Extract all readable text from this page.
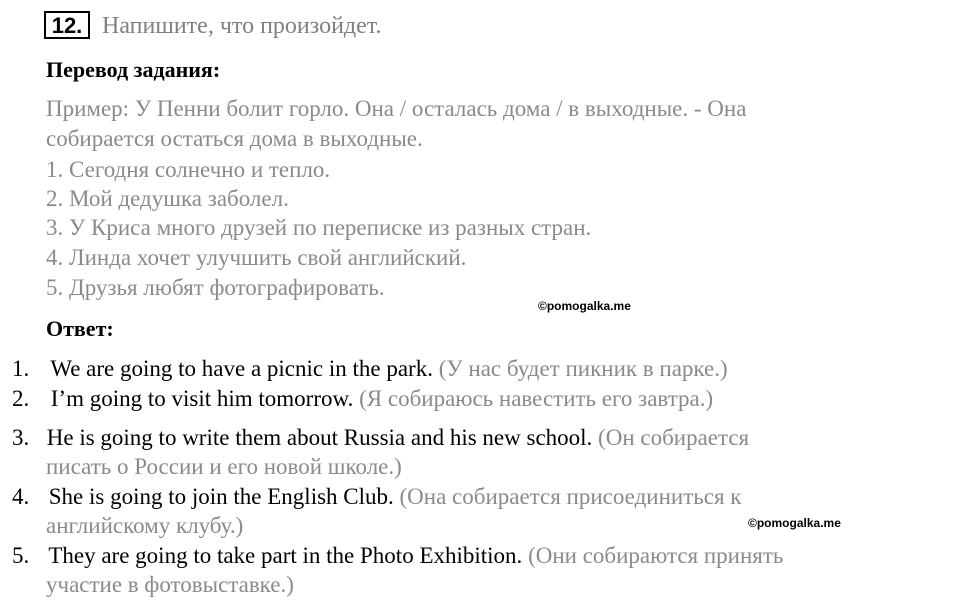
12. Напишите, что произойдет.
Перевод задания:
Пример: У Пенни болит горло. Она / осталась дома / в выходные. - Она
собирается остаться дома в выходные.
1. Сегодня солнечно и тепло.
2. Мой дедушка заболел.
3. У Криса много друзей по переписке из разных стран.
4. Линда хочет улучшить свой английский.
5. Друзья любят фотографировать.
©pomogalka.me
Ответ:
1. We are going to have a picnic in the park. (У нас будет пикник в парке.)
2. I’m going to visit him tomorrow. (Я собираюсь навестить его завтра.)
3. He is going to write them about Russia and his new school. (Он собирается
писать о России и его новой школе.)
4. She is going to join the English Club. (Она собирается присоединиться к
английскому клубу.)	©pomogalka.me
5. They are going to take part in the Photo Exhibition. (Они собираются принять
участие в фотовыставке.)
